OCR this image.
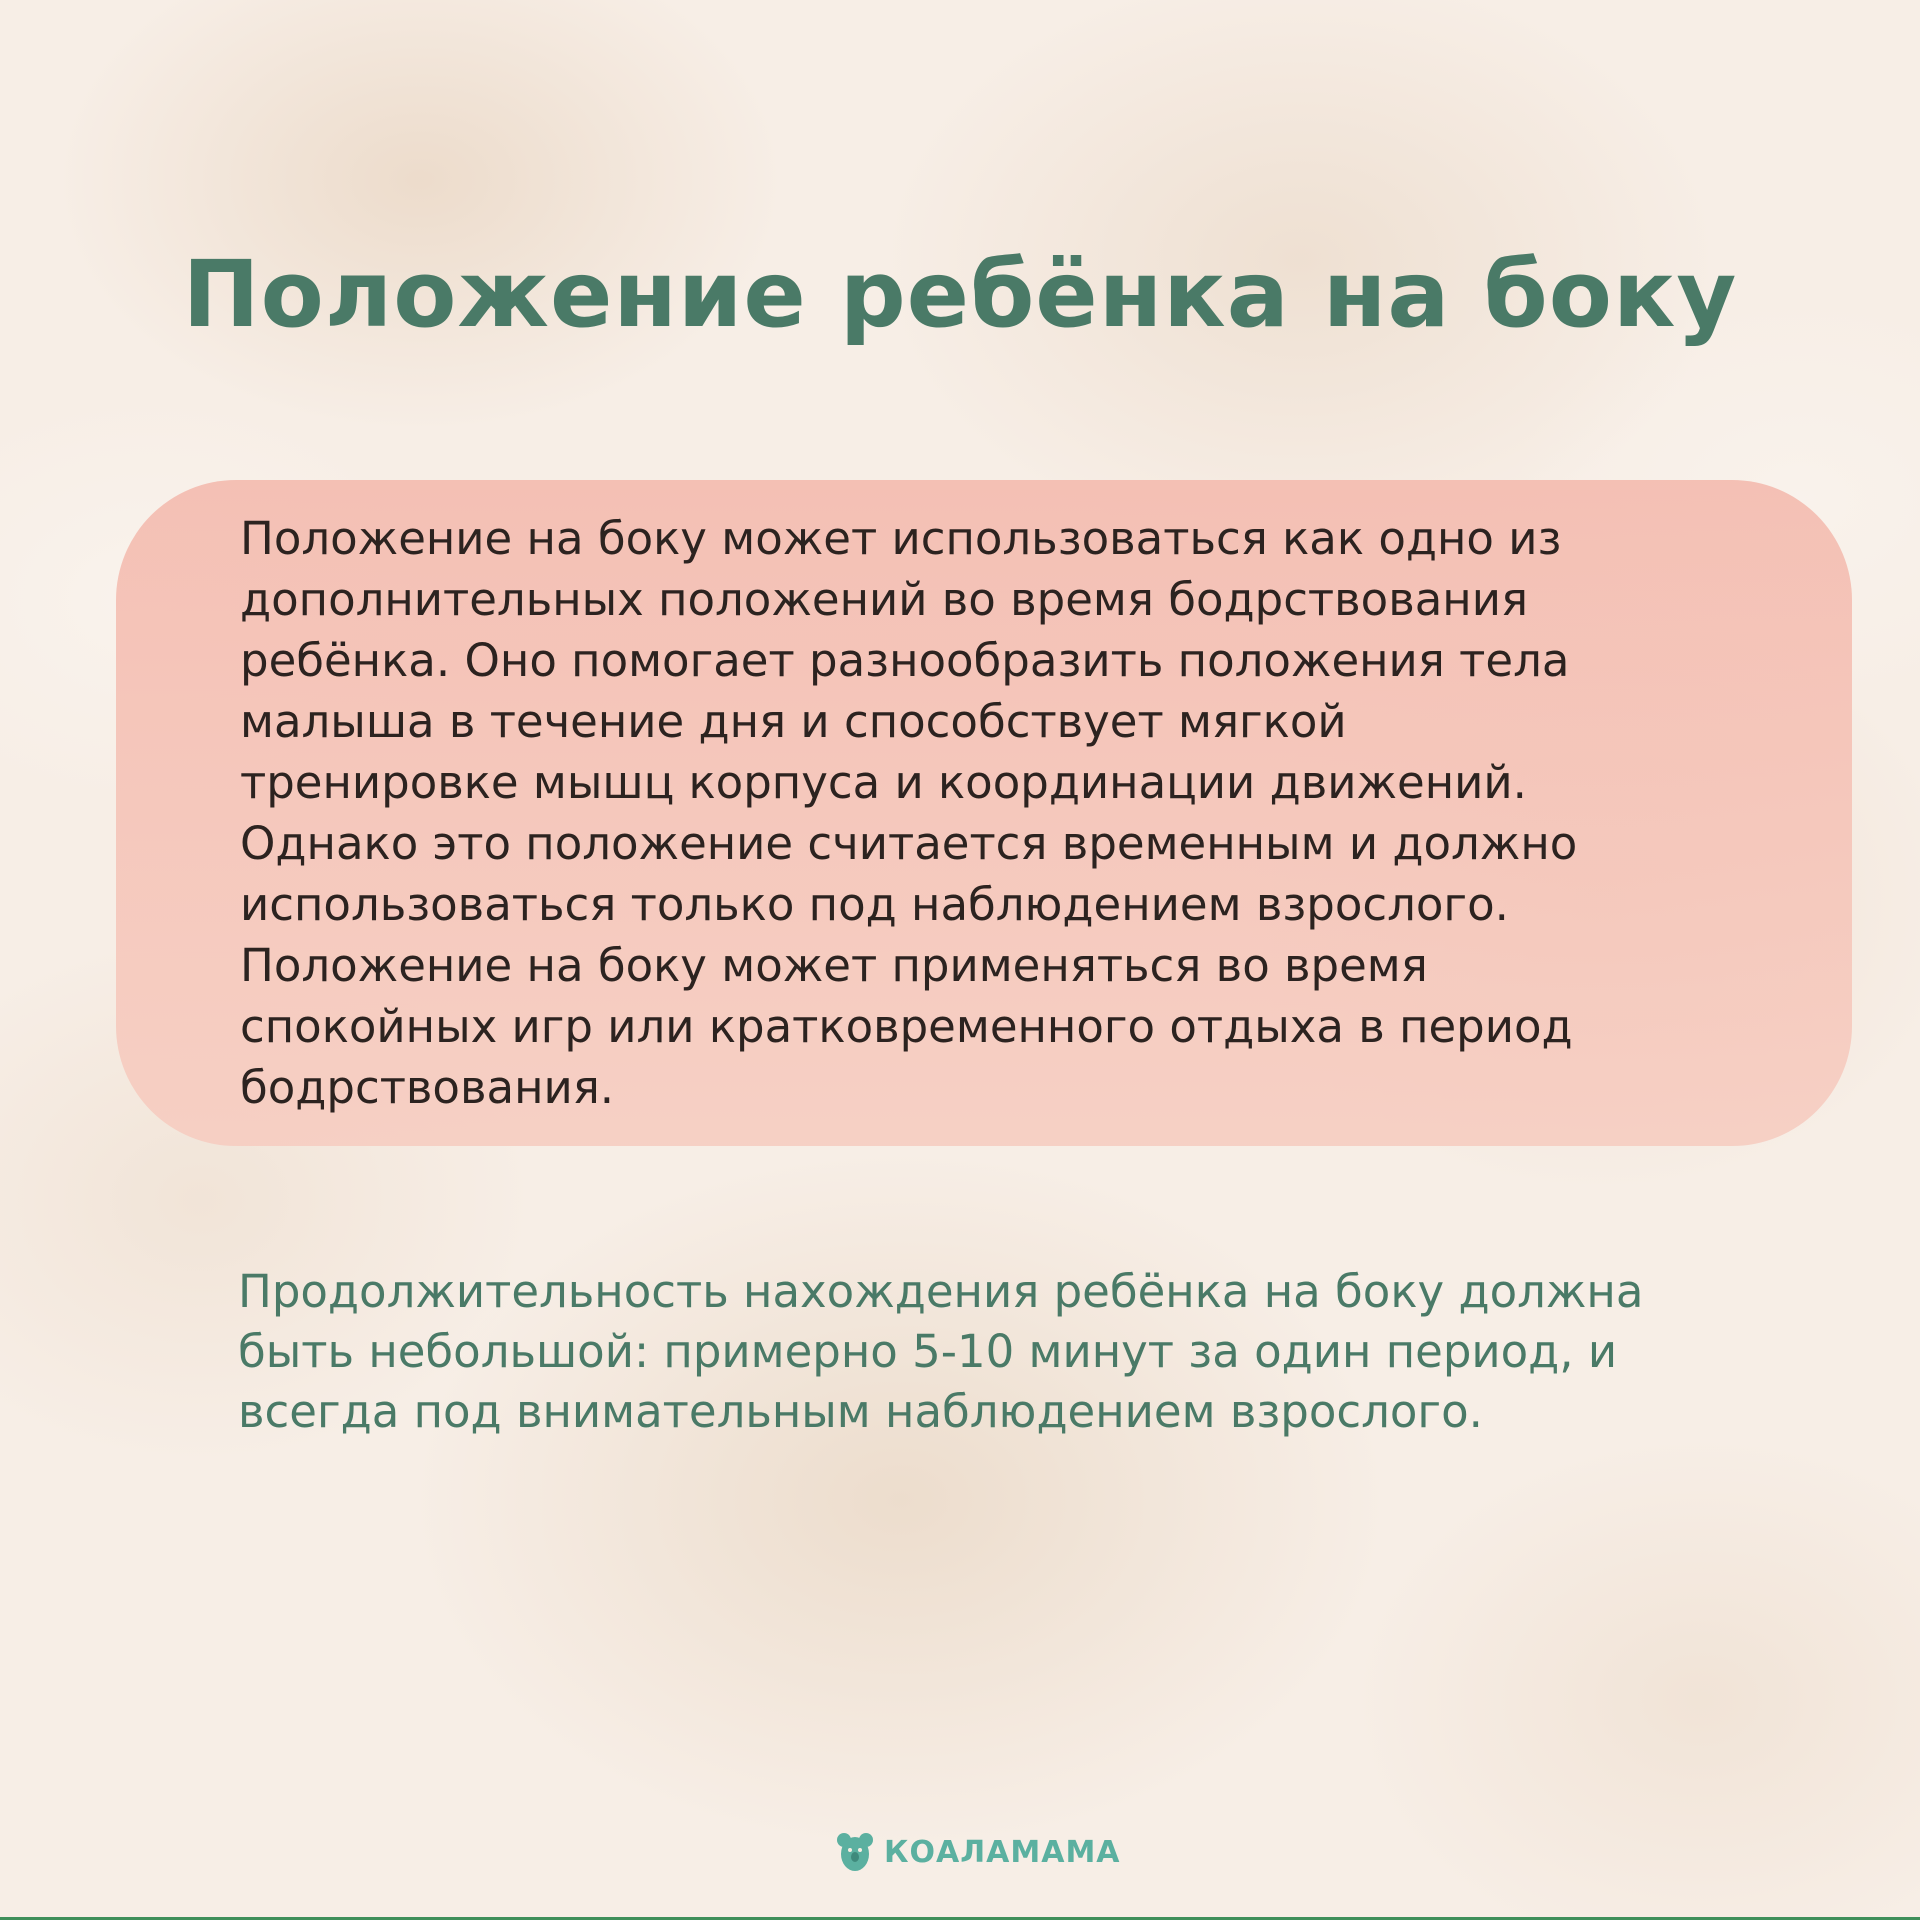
Положение ребёнка на боку

Положение на боку может использоваться как одно из
дополнительных положений во время бодрствования
ребёнка. Оно помогает разнообразить положения тела
малыша в течение дня и способствует мягкой
тренировке мышц корпуса и координации движений.
Однако это положение считается временным и должно
использоваться только под наблюдением взрослого.
Положение на боку может применяться во время
спокойных игр или кратковременного отдыха в период
бодрствования.

Продолжительность нахождения ребёнка на боку должна
быть небольшой: примерно 5-10 минут за один период, и
всегда под внимательным наблюдением взрослого.

КОАЛАМАМА
